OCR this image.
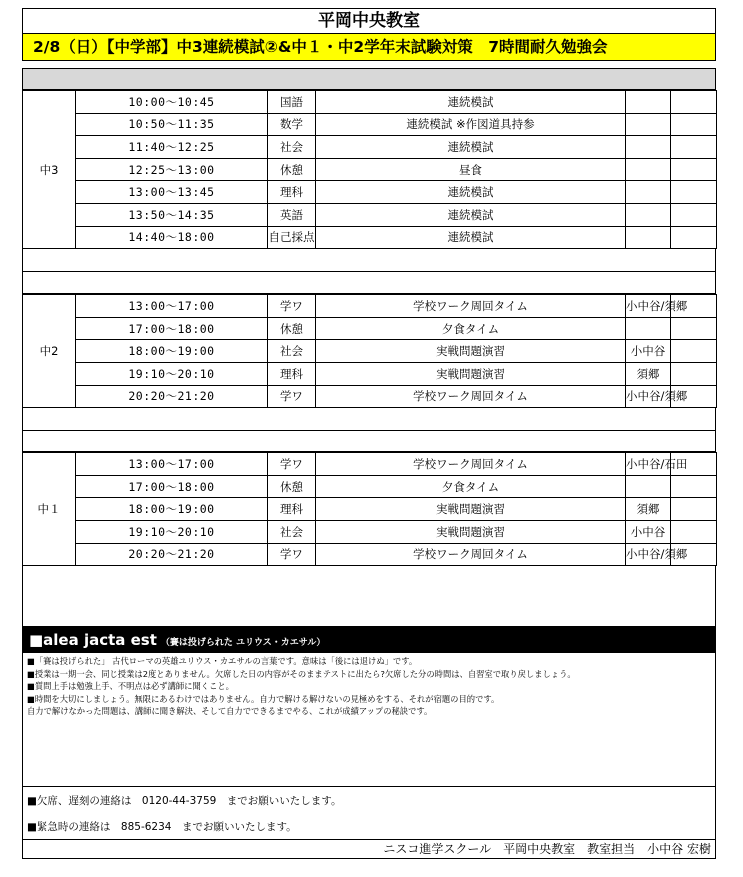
平岡中央教室
2/8（日）【中学部】中3連続模試②&中１・中2学年末試験対策　7時間耐久勉強会
中3	10:00～10:45	国語	連続模試		
	10:50～11:35	数学	連続模試 ※作図道具持参		
	11:40～12:25	社会	連続模試		
	12:25～13:00	休憩	昼食		
	13:00～13:45	理科	連続模試		
	13:50～14:35	英語	連続模試		
	14:40～18:00	自己採点	連続模試		
中2	13:00～17:00	学ワ	学校ワーク周回タイム	小中谷/須郷	
	17:00～18:00	休憩	夕食タイム		
	18:00～19:00	社会	実戦問題演習	小中谷	
	19:10～20:10	理科	実戦問題演習	須郷	
	20:20～21:20	学ワ	学校ワーク周回タイム	小中谷/須郷	
中１	13:00～17:00	学ワ	学校ワーク周回タイム	小中谷/石田	
	17:00～18:00	休憩	夕食タイム		
	18:00～19:00	理科	実戦問題演習	須郷	
	19:10～20:10	社会	実戦問題演習	小中谷	
	20:20～21:20	学ワ	学校ワーク周回タイム	小中谷/須郷	
■alea jacta est （賽は投げられた ユリウス・カエサル）

■「賽は投げられた」 古代ローマの英雄ユリウス・カエサルの言葉です。意味は「後には退けぬ」です。

■授業は一期一会、同じ授業は2度とありません。欠席した日の内容がそのままテストに出たら?欠席した分の時間は、自習室で取り戻しましょう。

■質問上手は勉強上手、不明点は必ず講師に聞くこと。

■時間を大切にしましょう。無限にあるわけではありません。自力で解ける解けないの見極めをする、それが宿題の目的です。

自力で解けなかった問題は、講師に聞き解決、そして自力でできるまでやる、これが成績アップの秘訣です。

■欠席、遅刻の連絡は　0120-44-3759　までお願いいたします。

■緊急時の連絡は　885-6234　までお願いいたします。

ニスコ進学スクール　平岡中央教室　教室担当　小中谷 宏樹
